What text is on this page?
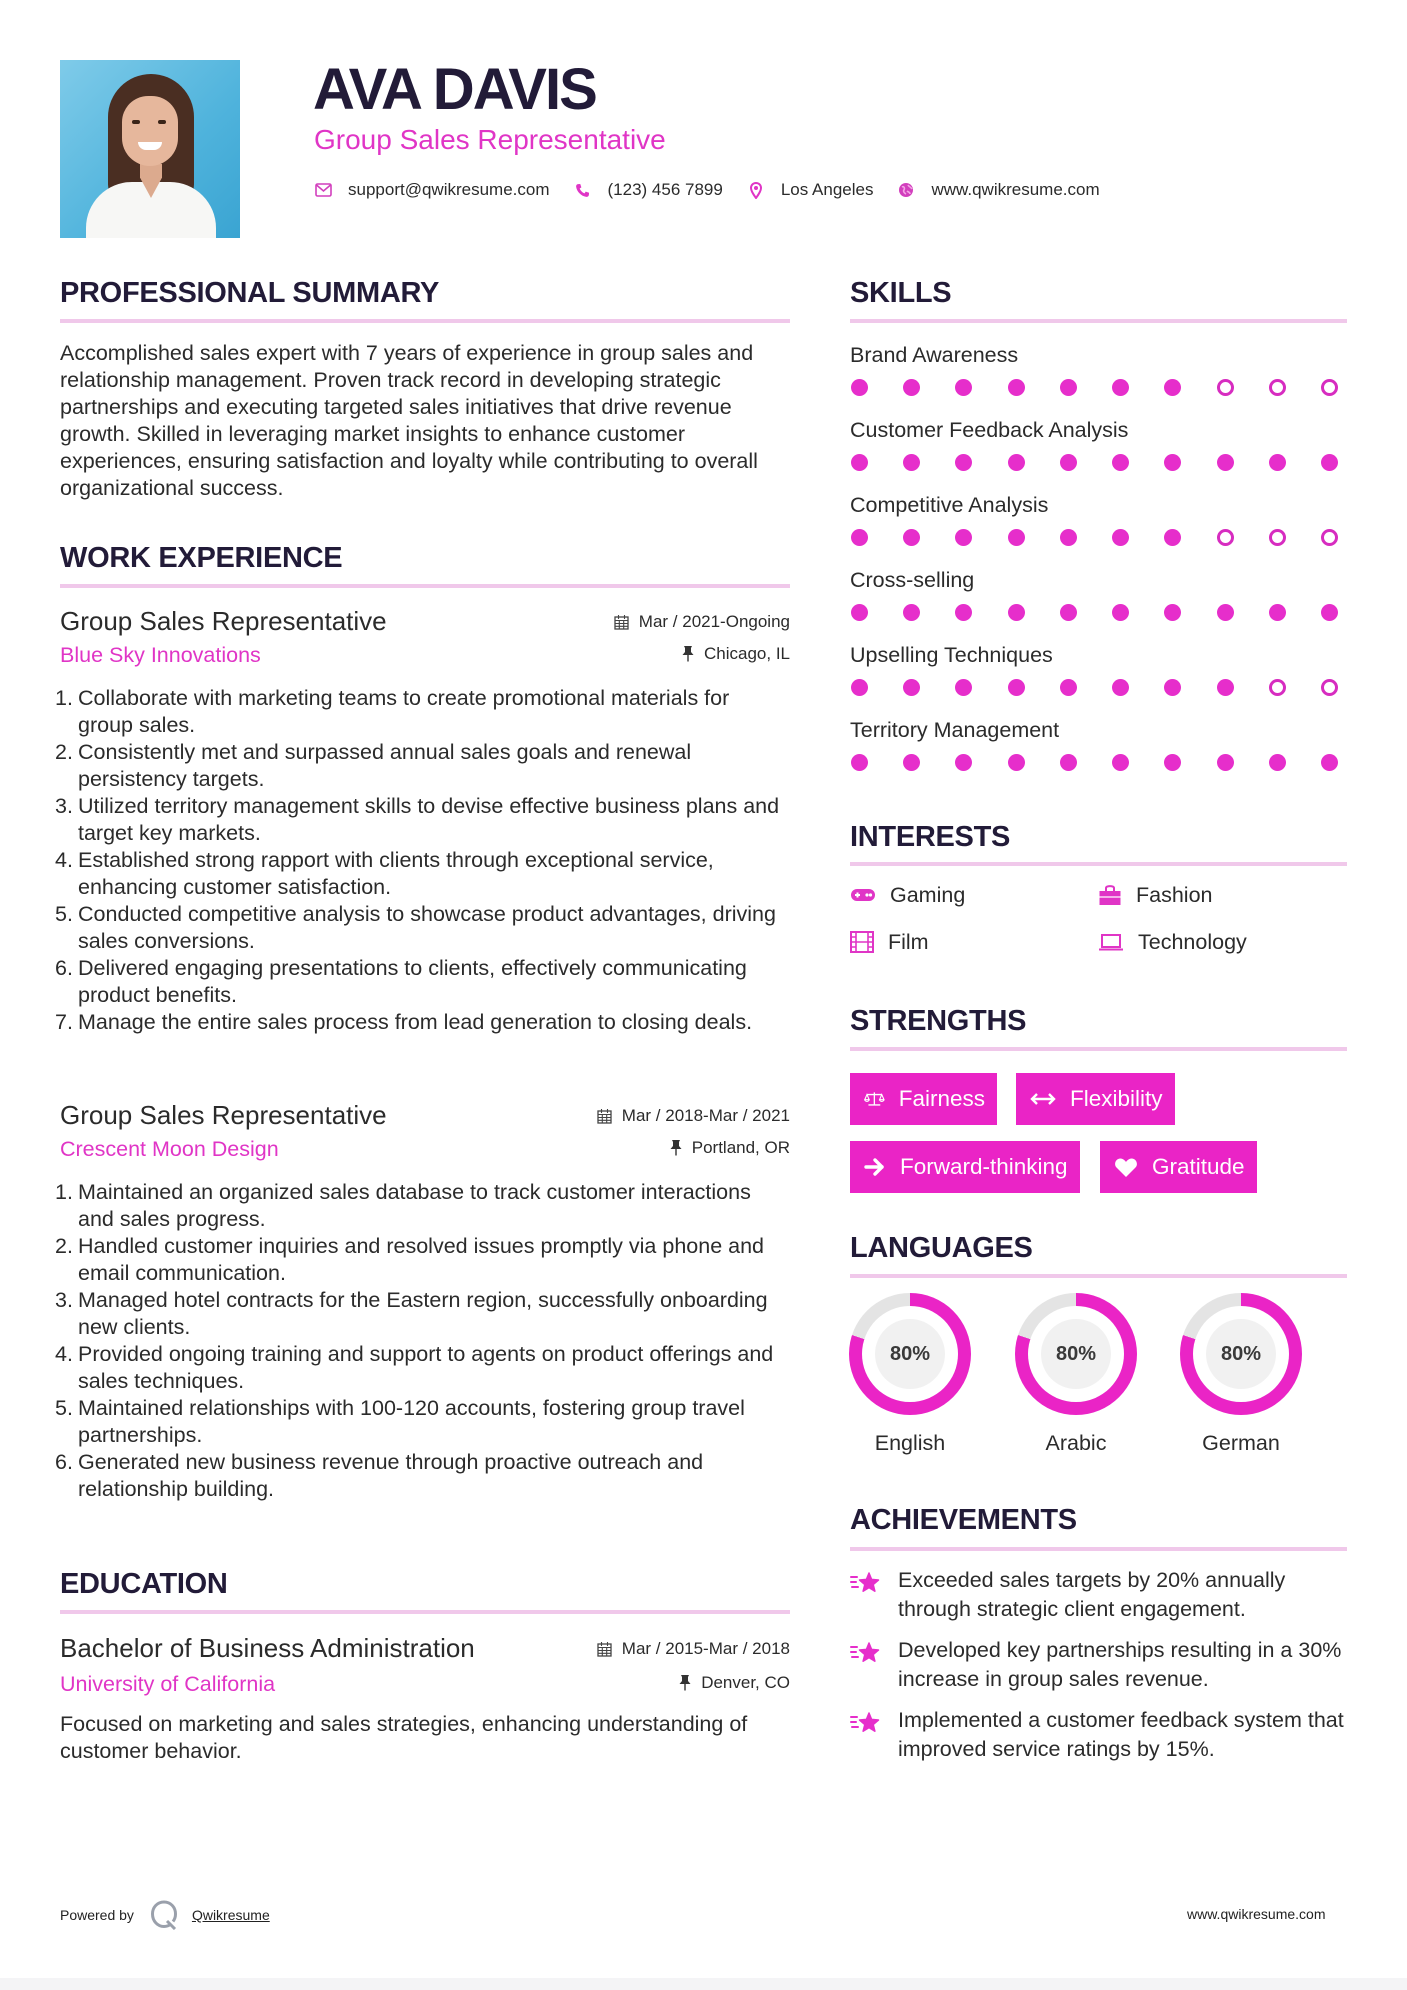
AVA DAVIS
Group Sales Representative
support@qwikresume.com	(123) 456 7899	Los Angeles	www.qwikresume.com
PROFESSIONAL SUMMARY
Accomplished sales expert with 7 years of experience in group sales and relationship management. Proven track record in developing strategic partnerships and executing targeted sales initiatives that drive revenue growth. Skilled in leveraging market insights to enhance customer experiences, ensuring satisfaction and loyalty while contributing to overall organizational success.
WORK EXPERIENCE
Group Sales Representative	Mar / 2021-Ongoing
Blue Sky Innovations	Chicago, IL
1. Collaborate with marketing teams to create promotional materials for group sales.
2. Consistently met and surpassed annual sales goals and renewal persistency targets.
3. Utilized territory management skills to devise effective business plans and target key markets.
4. Established strong rapport with clients through exceptional service, enhancing customer satisfaction.
5. Conducted competitive analysis to showcase product advantages, driving sales conversions.
6. Delivered engaging presentations to clients, effectively communicating product benefits.
7. Manage the entire sales process from lead generation to closing deals.
Group Sales Representative	Mar / 2018-Mar / 2021
Crescent Moon Design	Portland, OR
1. Maintained an organized sales database to track customer interactions and sales progress.
2. Handled customer inquiries and resolved issues promptly via phone and email communication.
3. Managed hotel contracts for the Eastern region, successfully onboarding new clients.
4. Provided ongoing training and support to agents on product offerings and sales techniques.
5. Maintained relationships with 100-120 accounts, fostering group travel partnerships.
6. Generated new business revenue through proactive outreach and relationship building.
EDUCATION
Bachelor of Business Administration	Mar / 2015-Mar / 2018
University of California	Denver, CO
Focused on marketing and sales strategies, enhancing understanding of customer behavior.
SKILLS
Brand Awareness
Customer Feedback Analysis
Competitive Analysis
Cross-selling
Upselling Techniques
Territory Management
INTERESTS
Gaming	Fashion
Film	Technology
STRENGTHS
Fairness	Flexibility
Forward-thinking	Gratitude
LANGUAGES
80%
English
80%
Arabic
80%
German
ACHIEVEMENTS
Exceeded sales targets by 20% annually through strategic client engagement.
Developed key partnerships resulting in a 30% increase in group sales revenue.
Implemented a customer feedback system that improved service ratings by 15%.
Powered by	Qwikresume	www.qwikresume.com
